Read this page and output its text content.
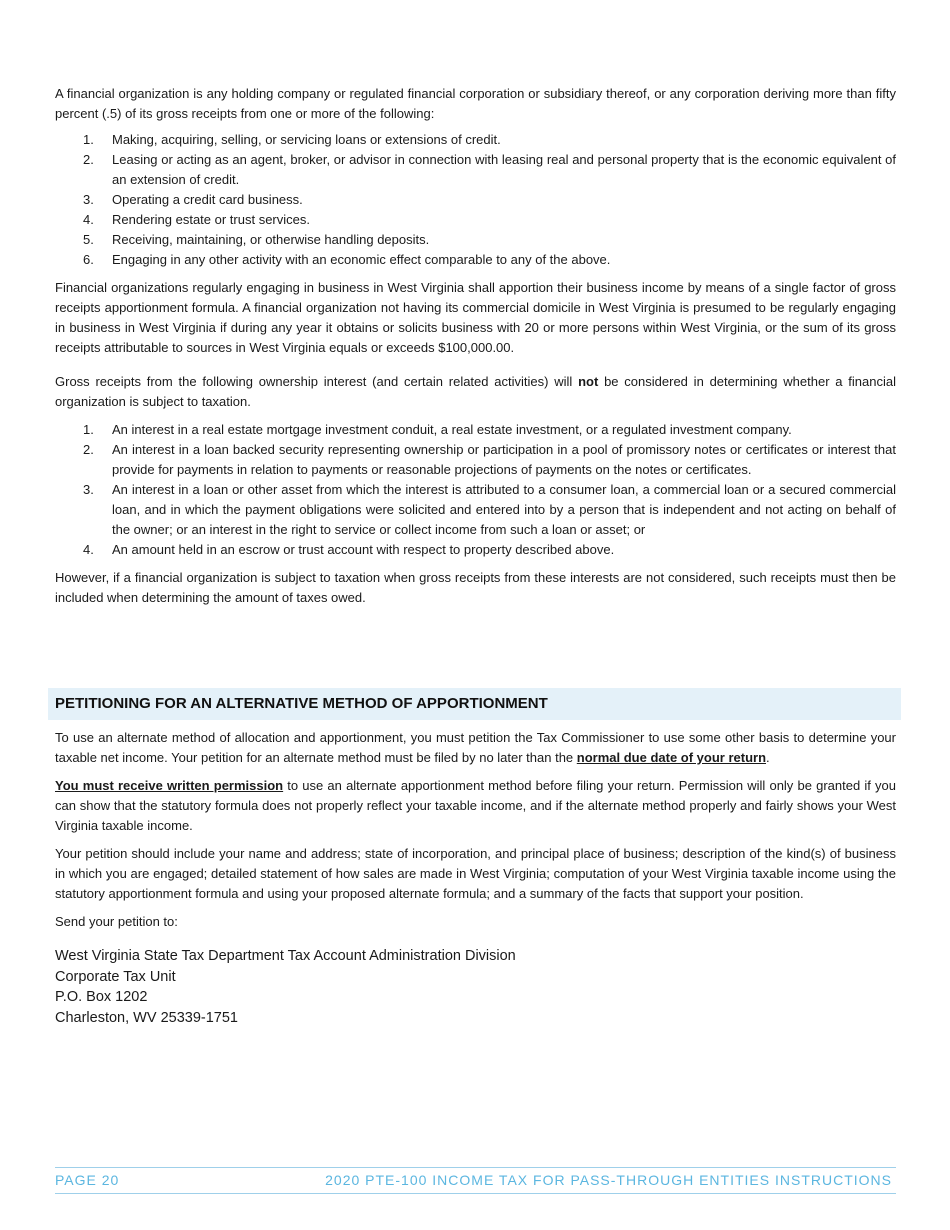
A financial organization is any holding company or regulated financial corporation or subsidiary thereof, or any corporation deriving more than fifty percent (.5) of its gross receipts from one or more of the following:

1. Making, acquiring, selling, or servicing loans or extensions of credit.
2. Leasing or acting as an agent, broker, or advisor in connection with leasing real and personal property that is the economic equivalent of an extension of credit.
3. Operating a credit card business.
4. Rendering estate or trust services.
5. Receiving, maintaining, or otherwise handling deposits.
6. Engaging in any other activity with an economic effect comparable to any of the above.

Financial organizations regularly engaging in business in West Virginia shall apportion their business income by means of a single factor of gross receipts apportionment formula. A financial organization not having its commercial domicile in West Virginia is presumed to be regularly engaging in business in West Virginia if during any year it obtains or solicits business with 20 or more persons within West Virginia, or the sum of its gross receipts attributable to sources in West Virginia equals or exceeds $100,000.00.

Gross receipts from the following ownership interest (and certain related activities) will not be considered in determining whether a financial organization is subject to taxation.

1. An interest in a real estate mortgage investment conduit, a real estate investment, or a regulated investment company.
2. An interest in a loan backed security representing ownership or participation in a pool of promissory notes or certificates or interest that provide for payments in relation to payments or reasonable projections of payments on the notes or certificates.
3. An interest in a loan or other asset from which the interest is attributed to a consumer loan, a commercial loan or a secured commercial loan, and in which the payment obligations were solicited and entered into by a person that is independent and not acting on behalf of the owner; or an interest in the right to service or collect income from such a loan or asset; or
4. An amount held in an escrow or trust account with respect to property described above.

However, if a financial organization is subject to taxation when gross receipts from these interests are not considered, such receipts must then be included when determining the amount of taxes owed.

PETITIONING FOR AN ALTERNATIVE METHOD OF APPORTIONMENT

To use an alternate method of allocation and apportionment, you must petition the Tax Commissioner to use some other basis to determine your taxable net income. Your petition for an alternate method must be filed by no later than the normal due date of your return.

You must receive written permission to use an alternate apportionment method before filing your return. Permission will only be granted if you can show that the statutory formula does not properly reflect your taxable income, and if the alternate method properly and fairly shows your West Virginia taxable income.

Your petition should include your name and address; state of incorporation, and principal place of business; description of the kind(s) of business in which you are engaged; detailed statement of how sales are made in West Virginia; computation of your West Virginia taxable income using the statutory apportionment formula and using your proposed alternate formula; and a summary of the facts that support your position.

Send your petition to:

West Virginia State Tax Department Tax Account Administration Division
Corporate Tax Unit
P.O. Box 1202
Charleston, WV 25339-1751
PAGE 20	2020 PTE-100 INCOME TAX FOR PASS-THROUGH ENTITIES INSTRUCTIONS
